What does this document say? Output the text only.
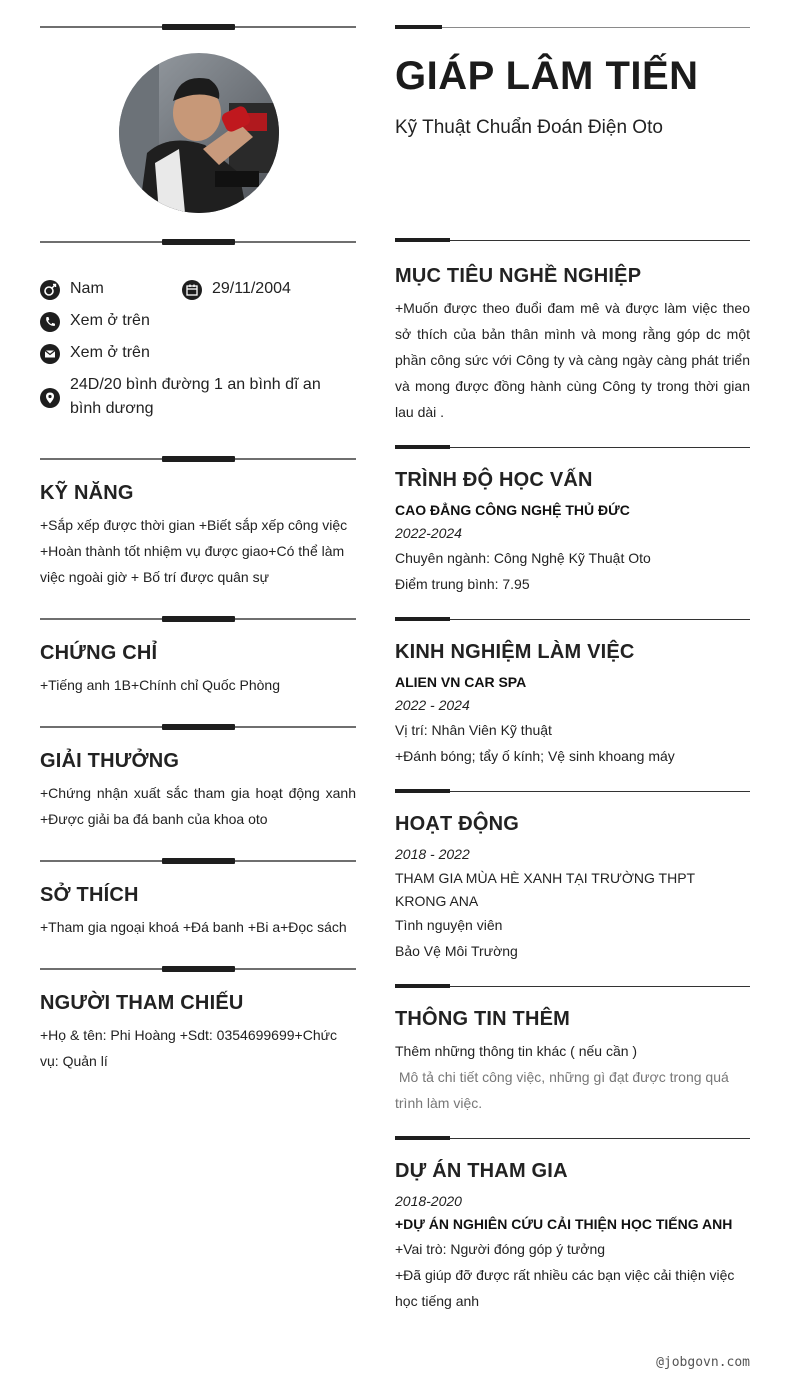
Nam	29/11/2004
Xem ở trên
Xem ở trên
24D/20 bình đường 1 an bình dĩ an bình dương
KỸ NĂNG
+Sắp xếp được thời gian +Biết sắp xếp công việc +Hoàn thành tốt nhiệm vụ được giao+Có thể làm việc ngoài giờ + Bố trí được quân sự
CHỨNG CHỈ
+Tiếng anh 1B+Chính chỉ Quốc Phòng
GIẢI THƯỞNG
+Chứng nhận xuất sắc tham gia hoạt động xanh +Được giải ba đá banh của khoa oto
SỞ THÍCH
+Tham gia ngoại khoá +Đá banh +Bi a+Đọc sách
NGƯỜI THAM CHIẾU
+Họ & tên: Phi Hoàng +Sdt: 0354699699+Chức vụ: Quản lí
GIÁP LÂM TIẾN
Kỹ Thuật Chuẩn Đoán Điện Oto
MỤC TIÊU NGHỀ NGHIỆP
+Muốn được theo đuổi đam mê và được làm việc theo sở thích của bản thân mình và mong rằng góp dc một phần công sức với Công ty và càng ngày càng phát triển và mong được đồng hành cùng Công ty trong thời gian lau dài .
TRÌNH ĐỘ HỌC VẤN
CAO ĐẲNG CÔNG NGHỆ THỦ ĐỨC
2022-2024
Chuyên ngành: Công Nghệ Kỹ Thuật Oto
Điểm trung bình: 7.95
KINH NGHIỆM LÀM VIỆC
ALIEN VN CAR SPA
2022 - 2024
Vị trí: Nhân Viên Kỹ thuật
+Đánh bóng; tẩy ố kính; Vệ sinh khoang máy
HOẠT ĐỘNG
2018 - 2022
THAM GIA MÙA HÈ XANH TẠI TRƯỜNG THPT KRONG ANA
Tình nguyện viên
Bảo Vệ Môi Trường
THÔNG TIN THÊM
Thêm những thông tin khác ( nếu cần )
Mô tả chi tiết công việc, những gì đạt được trong quá trình làm việc.
DỰ ÁN THAM GIA
2018-2020
+DỰ ÁN NGHIÊN CỨU CẢI THIỆN HỌC TIẾNG ANH
+Vai trò: Người đóng góp ý tưởng
+Đã giúp đỡ được rất nhiều các bạn việc cải thiện việc học tiếng anh
@jobgovn.com
